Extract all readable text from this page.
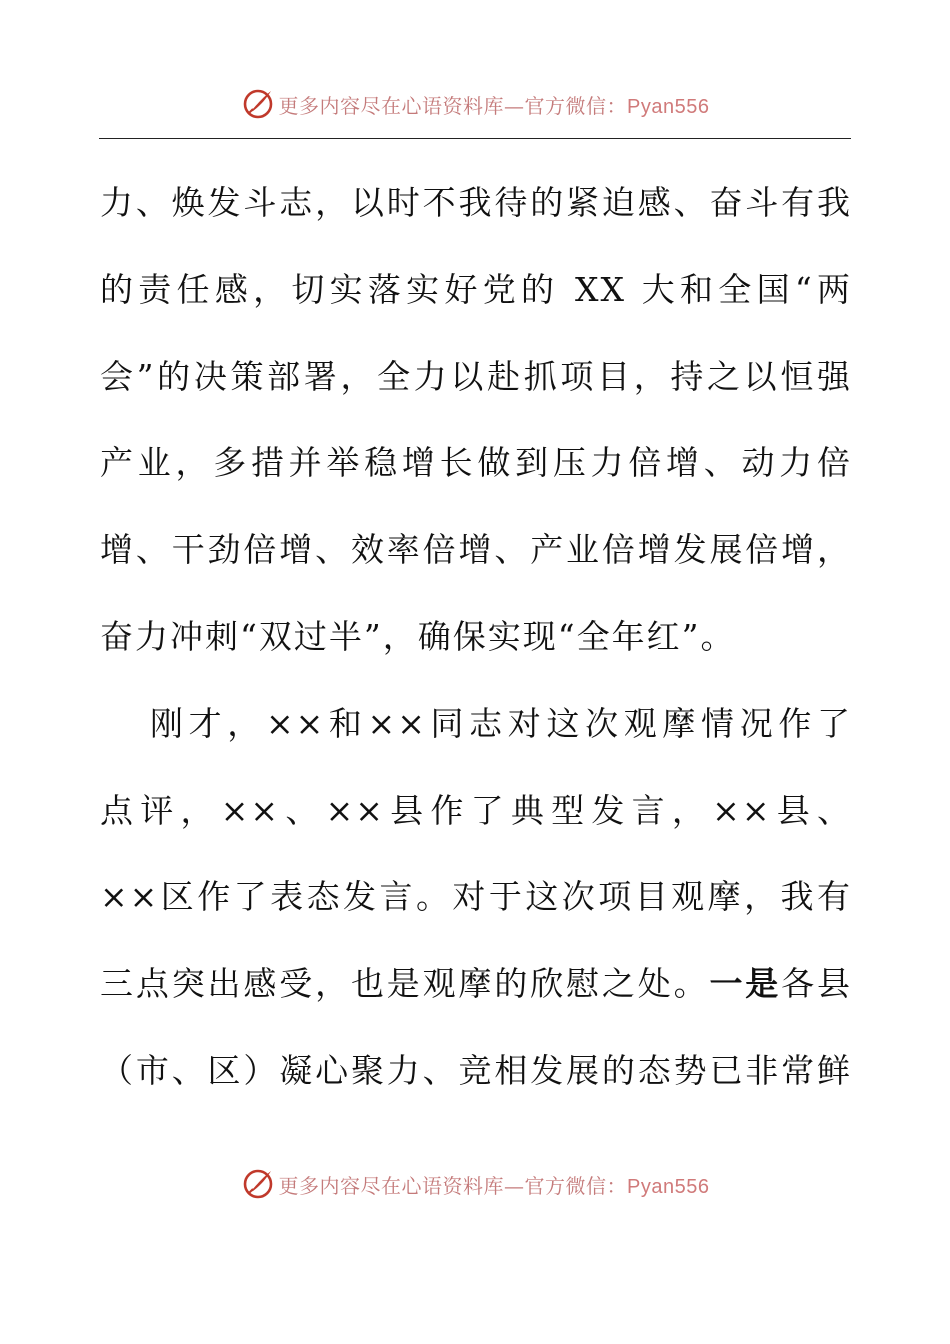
更多内容尽在心语资料库—官方微信：Pyan556
力、焕发斗志，以时不我待的紧迫感、奋斗有我
的责任感，切实落实好党的 XX 大和全国“两
会”的决策部署，全力以赴抓项目，持之以恒强
产业，多措并举稳增长做到压力倍增、动力倍
增、干劲倍增、效率倍增、产业倍增发展倍增，
奋力冲刺“双过半”，确保实现“全年红”。
刚才，××和××同志对这次观摩情况作了
点评，××、××县作了典型发言，××县、
××区作了表态发言。对于这次项目观摩，我有
三点突出感受，也是观摩的欣慰之处。一是各县
（市、区）凝心聚力、竞相发展的态势已非常鲜
更多内容尽在心语资料库—官方微信：Pyan556
